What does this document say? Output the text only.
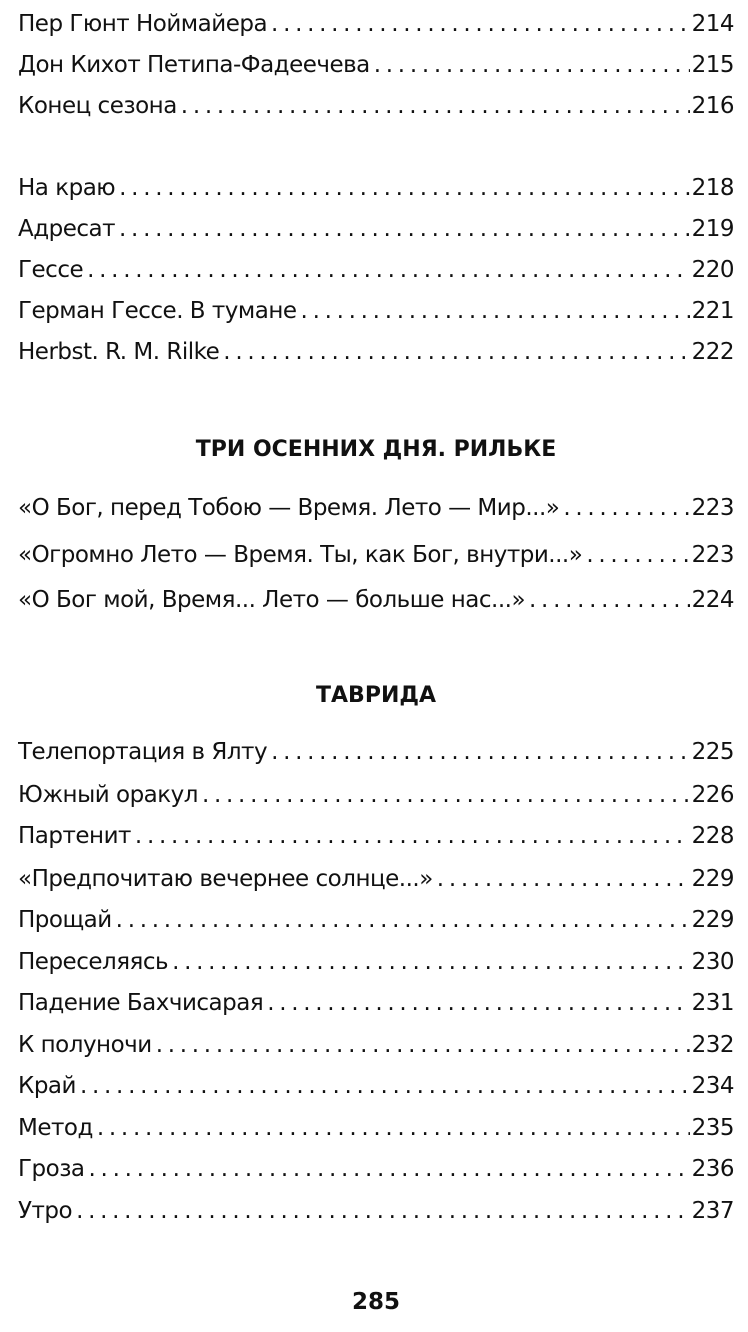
Пер Гюнт Ноймайера . . .	214
Дон Кихот Петипа-Фадеечева . . .	215
Конец сезона . . .	216
На краю . . .	218
Адресат . . .	219
Гессе . . .	220
Герман Гессе. В тумане . . .	221
Herbst. R. M. Rilke . . .	222
ТРИ ОСЕННИХ ДНЯ. РИЛЬКЕ
«О Бог, перед Тобою — Время. Лето — Мир...» . . .	223
«Огромно Лето — Время. Ты, как Бог, внутри...» . . .	223
«О Бог мой, Время... Лето — больше нас...» . . .	224
ТАВРИДА
Телепортация в Ялту . . .	225
Южный оракул . . .	226
Партенит . . .	228
«Предпочитаю вечернее солнце...» . . .	229
Прощай . . .	229
Переселяясь . . .	230
Падение Бахчисарая . . .	231
К полуночи . . .	232
Край . . .	234
Метод . . .	235
Гроза . . .	236
Утро . . .	237
285
